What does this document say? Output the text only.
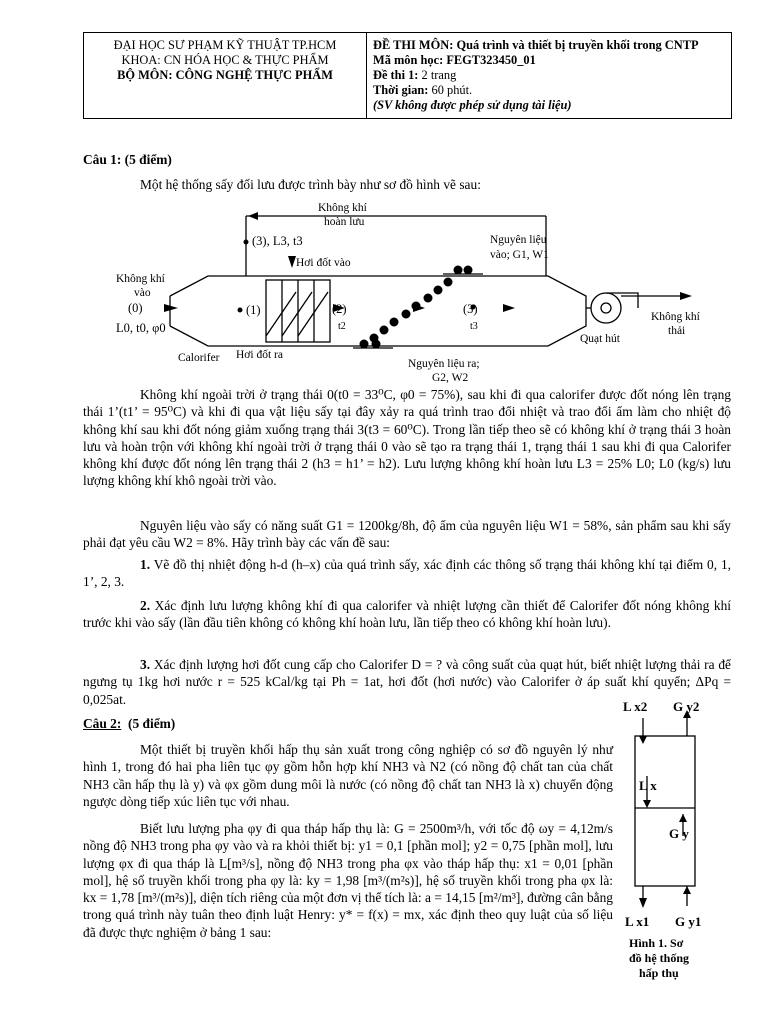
ĐẠI HỌC SƯ PHẠM KỸ THUẬT TP.HCM
KHOA: CN HÓA HỌC & THỰC PHẨM
BỘ MÔN: CÔNG NGHỆ THỰC PHẨM

ĐỀ THI MÔN: Quá trình và thiết bị truyền khối trong CNTP
Mã môn học: FEGT323450_01
Đề thi 1: 2 trang
Thời gian: 60 phút.
(SV không được phép sử dụng tài liệu)
Câu 1: (5 điểm)
Một hệ thống sấy đối lưu được trình bày như sơ đồ hình vẽ sau:
Không khí
hoàn lưu
(3), L3, t3
Hơi đốt vào
Nguyên liệu
vào; G1, W1
Không khí
vào
(0)
L0, t0, φ0
(1)	(2)
t2
(3)
t3
Không khí
thải
Quạt hút
Calorifer Hơi đốt ra
Nguyên liệu ra;
G2, W2
Không khí ngoài trời ở trạng thái 0(t0 = 33⁰C, φ0 = 75%), sau khi đi qua calorifer được đốt nóng lên trạng thái 1’(t1’ = 95⁰C) và khi đi qua vật liệu sấy tại đây xảy ra quá trình trao đổi nhiệt và trao đổi ẩm làm cho nhiệt độ không khí sau khi đốt nóng giảm xuống trạng thái 3(t3 = 60⁰C). Trong lần tiếp theo sẽ có không khí ở trạng thái 3 hoàn lưu và hoàn trộn với không khí ngoài trời ở trạng thái 0 vào sẽ tạo ra trạng thái 1, trạng thái 1 sau khi đi qua Calorifer không khí được đốt nóng lên trạng thái 2 (h3 = h1’ = h2). Lưu lượng không khí hoàn lưu L3 = 25% L0; L0 (kg/s) lưu lượng không khí khô ngoài trời vào.
Nguyên liệu vào sấy có năng suất G1 = 1200kg/8h, độ ẩm của nguyên liệu W1 = 58%, sản phẩm sau khi sấy phải đạt yêu cầu W2 = 8%. Hãy trình bày các vấn đề sau:
1. Vẽ đồ thị nhiệt động h-d (h–x) của quá trình sấy, xác định các thông số trạng thái không khí tại điểm 0, 1, 1’, 2, 3.
2. Xác định lưu lượng không khí đi qua calorifer và nhiệt lượng cần thiết để Calorifer đốt nóng không khí trước khi vào sấy (lần đầu tiên không có không khí hoàn lưu, lần tiếp theo có không khí hoàn lưu).
3. Xác định lượng hơi đốt cung cấp cho Calorifer D = ? và công suất của quạt hút, biết nhiệt lượng thải ra để ngưng tụ 1kg hơi nước r = 525 kCal/kg tại Ph = 1at, hơi đốt (hơi nước) vào Calorifer ở áp suất khí quyển; ΔPq = 0,025at.
Câu 2: (5 điểm)
Một thiết bị truyền khối hấp thụ sản xuất trong công nghiệp có sơ đồ nguyên lý như hình 1, trong đó hai pha liên tục φy gồm hỗn hợp khí NH3 và N2 (có nồng độ chất tan của chất NH3 cần hấp thụ là y) và φx gồm dung môi là nước (có nồng độ chất tan NH3 là x) chuyển động ngược dòng tiếp xúc liên tục với nhau.
Biết lưu lượng pha φy đi qua tháp hấp thụ là: G = 2500m³/h, với tốc độ ωy = 4,12m/s nồng độ NH3 trong pha φy vào và ra khỏi thiết bị: y1 = 0,1 [phần mol]; y2 = 0,75 [phần mol], lưu lượng φx đi qua tháp là L[m³/s], nồng độ NH3 trong pha φx vào tháp hấp thụ: x1 = 0,01 [phần mol], hệ số truyền khối trong pha φy là: ky = 1,98 [m³/(m²s)], hệ số truyền khối trong pha φx là: kx = 1,78 [m³/(m²s)], diện tích riêng của một đơn vị thể tích là: a = 14,15 [m²/m³], đường cân bằng trong quá trình này tuân theo định luật Henry: y* = f(x) = mx, xác định theo quy luật của số liệu đã được thực nghiệm ở bảng 1 sau:
L x2 G y2
L x
G y
L x1 G y1
Hình 1. Sơ
đồ hệ thống
hấp thụ
